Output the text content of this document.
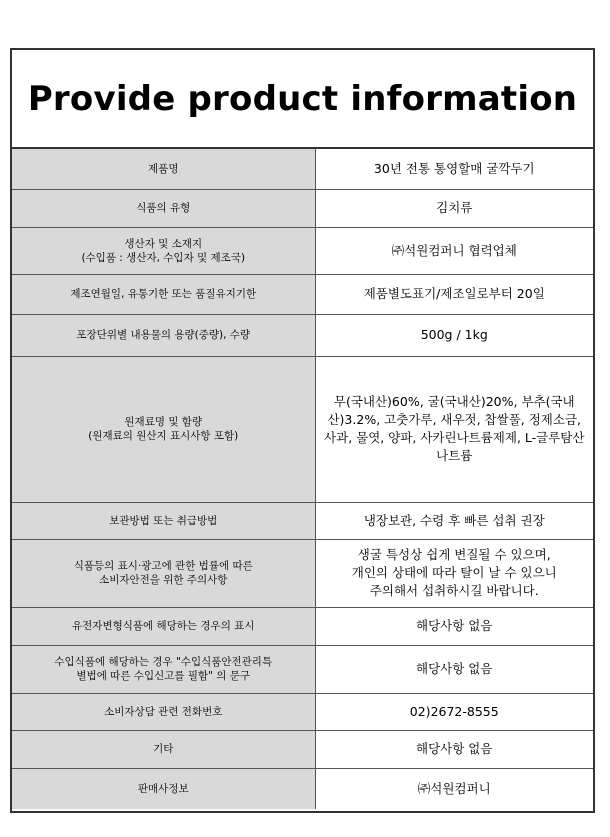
Provide product information
제품명	30년 전통 통영할매 굴깍두기
식품의 유형	김치류
생산자 및 소재지
(수입품 : 생산자, 수입자 및 제조국)	㈜석원컴퍼니 협력업체
제조연월일, 유통기한 또는 품질유지기한	제품별도표기/제조일로부터 20일
포장단위별 내용물의 용량(중량), 수량	500g / 1kg
원재료명 및 함량
(원재료의 원산지 표시사항 포함)	무(국내산)60%, 굴(국내산)20%, 부추(국내산)3.2%, 고춧가루, 새우젓, 찹쌀풀, 정제소금, 사과, 물엿, 양파, 사카린나트륨제제, L-글루탐산나트륨
보관방법 또는 취급방법	냉장보관, 수령 후 빠른 섭취 권장
식품등의 표시·광고에 관한 법률에 따른
소비자안전을 위한 주의사항	생굴 특성상 쉽게 변질될 수 있으며,
개인의 상태에 따라 탈이 날 수 있으니
주의해서 섭취하시길 바랍니다.
유전자변형식품에 해당하는 경우의 표시	해당사항 없음
수입식품에 해당하는 경우 "수입식품안전관리특
별법에 따른 수입신고를 필함" 의 문구	해당사항 없음
소비자상담 관련 전화번호	02)2672-8555
기타	해당사항 없음
판매사정보	㈜석원컴퍼니
